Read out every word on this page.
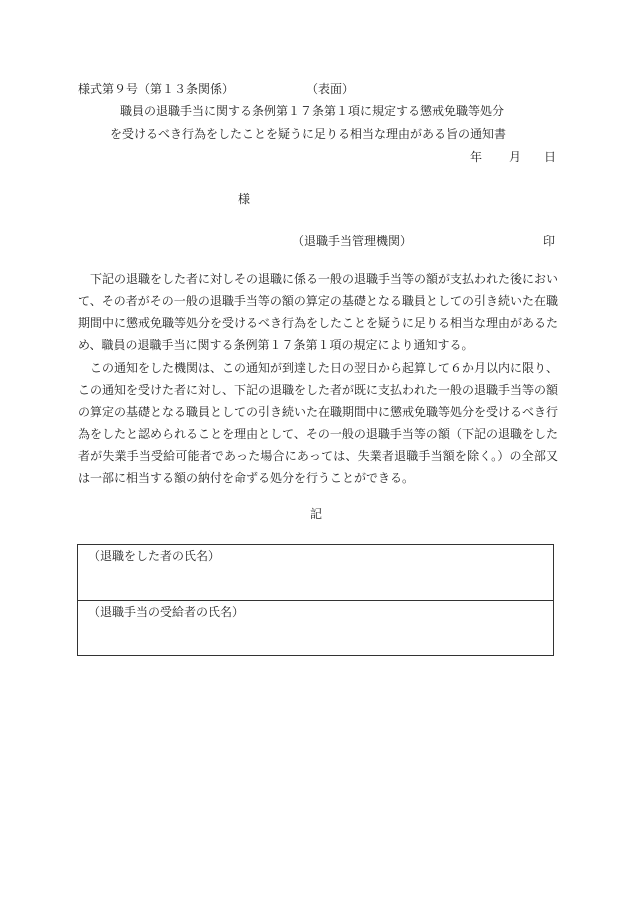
様式第９号（第１３条関係）	（表面）
職員の退職手当に関する条例第１７条第１項に規定する懲戒免職等処分
を受けるべき行為をしたことを疑うに足りる相当な理由がある旨の通知書
年 月 日
様
（退職手当管理機関）	印

下記の退職をした者に対しその退職に係る一般の退職手当等の額が支払われた後において、その者がその一般の退職手当等の額の算定の基礎となる職員としての引き続いた在職期間中に懲戒免職等処分を受けるべき行為をしたことを疑うに足りる相当な理由があるため、職員の退職手当に関する条例第１７条第１項の規定により通知する。

この通知をした機関は、この通知が到達した日の翌日から起算して６か月以内に限り、この通知を受けた者に対し、下記の退職をした者が既に支払われた一般の退職手当等の額の算定の基礎となる職員としての引き続いた在職期間中に懲戒免職等処分を受けるべき行為をしたと認められることを理由として、その一般の退職手当等の額（下記の退職をした者が失業手当受給可能者であった場合にあっては、失業者退職手当額を除く。）の全部又は一部に相当する額の納付を命ずる処分を行うことができる。

記
（退職をした者の氏名）
（退職手当の受給者の氏名）
